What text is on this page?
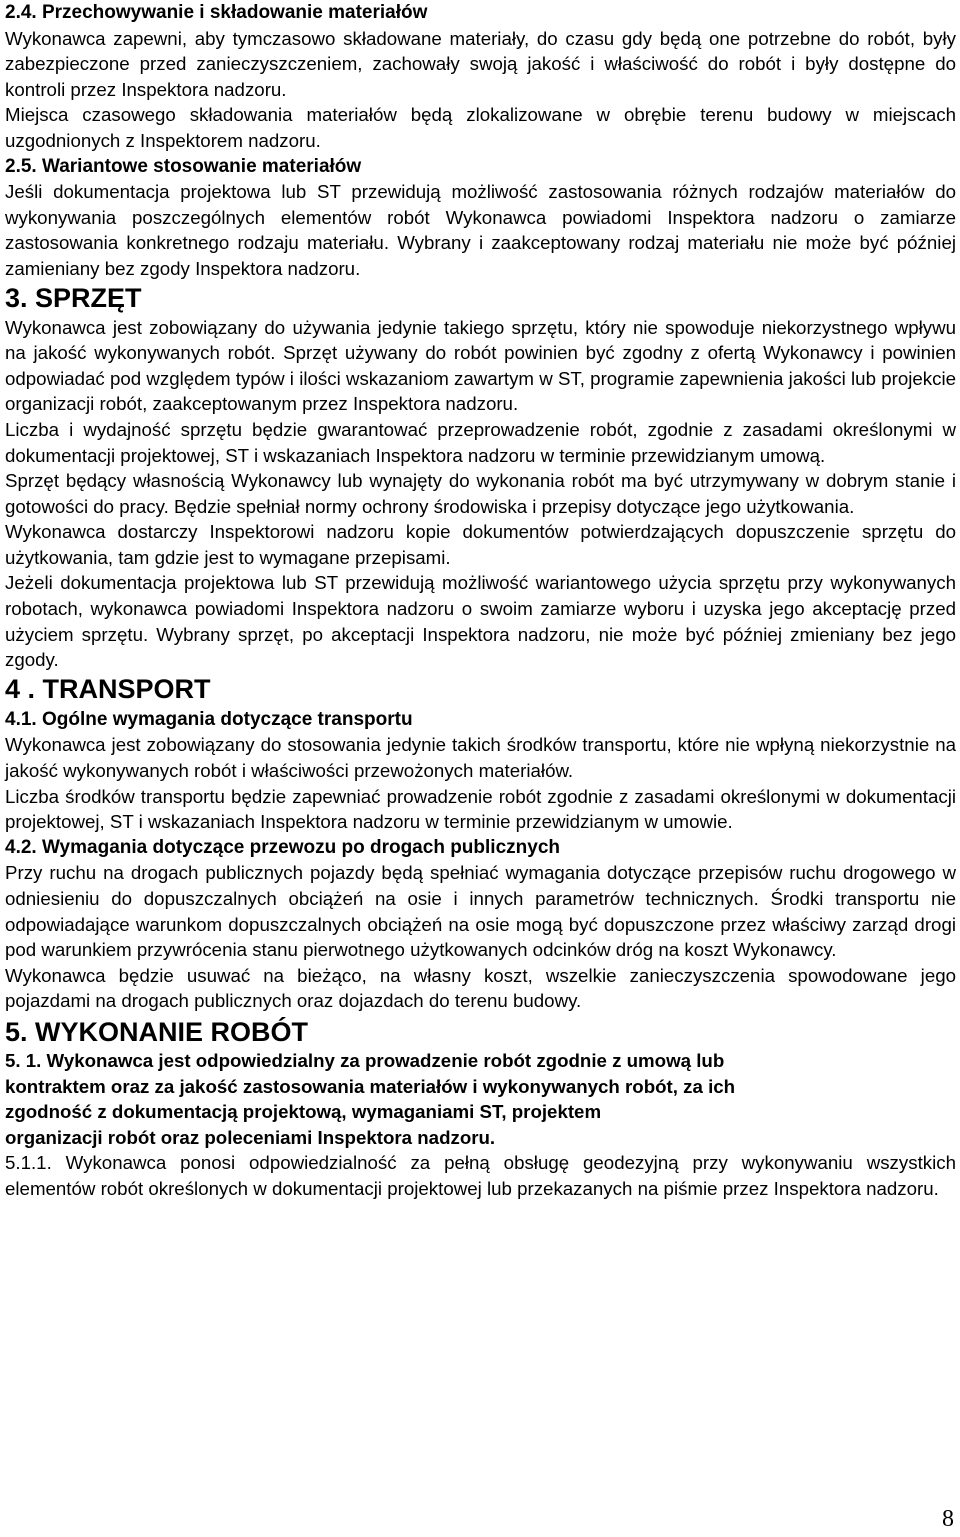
2.4. Przechowywanie i składowanie materiałów

Wykonawca zapewni, aby tymczasowo składowane materiały, do czasu gdy będą one potrzebne do robót, były zabezpieczone przed zanieczyszczeniem, zachowały swoją jakość i właściwość do robót i były dostępne do kontroli przez Inspektora nadzoru.

Miejsca czasowego składowania materiałów będą zlokalizowane w obrębie terenu budowy w miejscach uzgodnionych z Inspektorem nadzoru.

2.5. Wariantowe stosowanie materiałów

Jeśli dokumentacja projektowa lub ST przewidują możliwość zastosowania różnych rodzajów materiałów do wykonywania poszczególnych elementów robót Wykonawca powiadomi Inspektora nadzoru o zamiarze zastosowania konkretnego rodzaju materiału. Wybrany i zaakceptowany rodzaj materiału nie może być później zamieniany bez zgody Inspektora nadzoru.

3. SPRZĘT

Wykonawca jest zobowiązany do używania jedynie takiego sprzętu, który nie spowoduje niekorzystnego wpływu na jakość wykonywanych robót. Sprzęt używany do robót powinien być zgodny z ofertą Wykonawcy i powinien odpowiadać pod względem typów i ilości wskazaniom zawartym w ST, programie zapewnienia jakości lub projekcie organizacji robót, zaakceptowanym przez Inspektora nadzoru.

Liczba i wydajność sprzętu będzie gwarantować przeprowadzenie robót, zgodnie z zasadami określonymi w dokumentacji projektowej, ST i wskazaniach Inspektora nadzoru w terminie przewidzianym umową.

Sprzęt będący własnością Wykonawcy lub wynajęty do wykonania robót ma być utrzymywany w dobrym stanie i gotowości do pracy. Będzie spełniał normy ochrony środowiska i przepisy dotyczące jego użytkowania.

Wykonawca dostarczy Inspektorowi nadzoru kopie dokumentów potwierdzających dopuszczenie sprzętu do użytkowania, tam gdzie jest to wymagane przepisami.

Jeżeli dokumentacja projektowa lub ST przewidują możliwość wariantowego użycia sprzętu przy wykonywanych robotach, wykonawca powiadomi Inspektora nadzoru o swoim zamiarze wyboru i uzyska jego akceptację przed użyciem sprzętu. Wybrany sprzęt, po akceptacji Inspektora nadzoru, nie może być później zmieniany bez jego zgody.

4 . TRANSPORT

4.1. Ogólne wymagania dotyczące transportu

Wykonawca jest zobowiązany do stosowania jedynie takich środków transportu, które nie wpłyną niekorzystnie na jakość wykonywanych robót i właściwości przewożonych materiałów.

Liczba środków transportu będzie zapewniać prowadzenie robót zgodnie z zasadami określonymi w dokumentacji projektowej, ST i wskazaniach Inspektora nadzoru w terminie przewidzianym w umowie.

4.2. Wymagania dotyczące przewozu po drogach publicznych

Przy ruchu na drogach publicznych pojazdy będą spełniać wymagania dotyczące przepisów ruchu drogowego w odniesieniu do dopuszczalnych obciążeń na osie i innych parametrów technicznych. Środki transportu nie odpowiadające warunkom dopuszczalnych obciążeń na osie mogą być dopuszczone przez właściwy zarząd drogi pod warunkiem przywrócenia stanu pierwotnego użytkowanych odcinków dróg na koszt Wykonawcy.

Wykonawca będzie usuwać na bieżąco, na własny koszt, wszelkie zanieczyszczenia spowodowane jego pojazdami na drogach publicznych oraz dojazdach do terenu budowy.

5. WYKONANIE ROBÓT

5. 1. Wykonawca jest odpowiedzialny za prowadzenie robót zgodnie z umową lub

kontraktem oraz za jakość zastosowania materiałów i wykonywanych robót, za ich

zgodność z dokumentacją projektową, wymaganiami ST, projektem

organizacji robót oraz poleceniami Inspektora nadzoru.

5.1.1. Wykonawca ponosi odpowiedzialność za pełną obsługę geodezyjną przy wykonywaniu wszystkich elementów robót określonych w dokumentacji projektowej lub przekazanych na piśmie przez Inspektora nadzoru.

8
